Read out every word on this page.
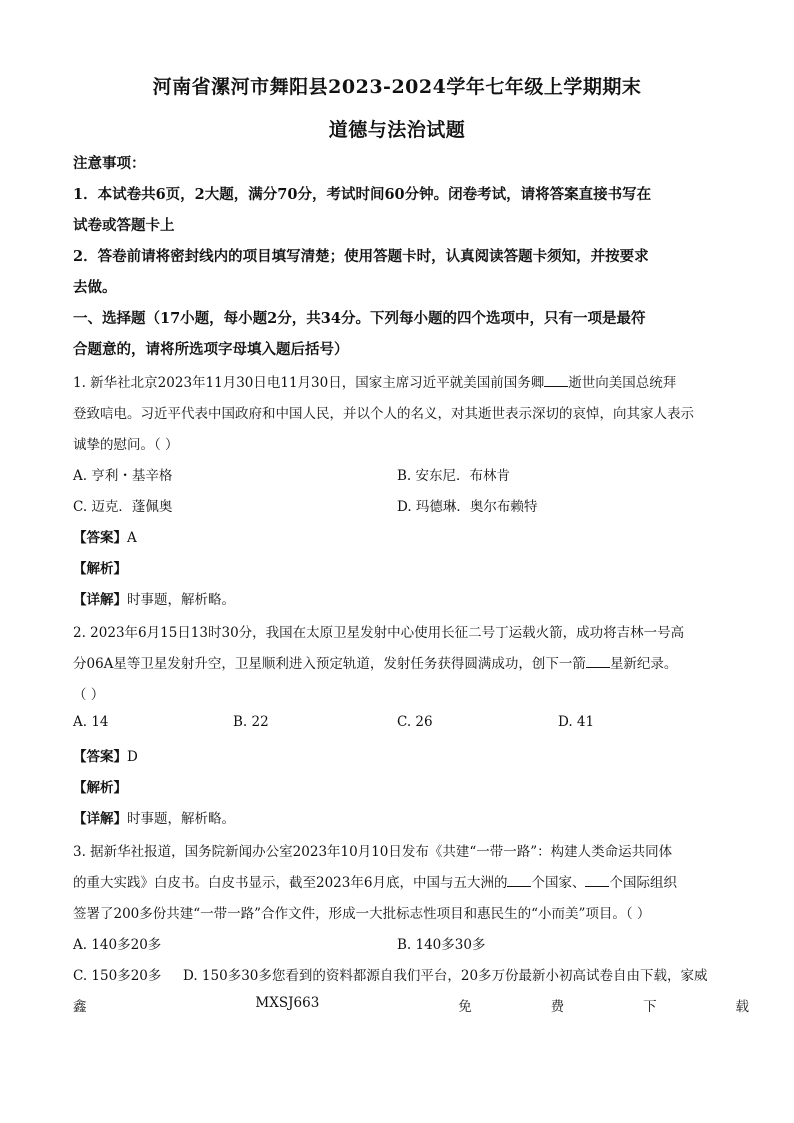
河南省漯河市舞阳县2023-2024学年七年级上学期期末
道德与法治试题
注意事项：
1．本试卷共6页，2大题，满分70分，考试时间60分钟。闭卷考试，请将答案直接书写在
试卷或答题卡上
2．答卷前请将密封线内的项目填写清楚；使用答题卡时，认真阅读答题卡须知，并按要求
去做。
一、选择题（17小题，每小题2分，共34分。下列每小题的四个选项中，只有一项是最符
合题意的，请将所选项字母填入题后括号）
1. 新华社北京2023年11月30日电11月30日，国家主席习近平就美国前国务卿 逝世向美国总统拜
登致唁电。习近平代表中国政府和中国人民，并以个人的名义，对其逝世表示深切的哀悼，向其家人表示
诚挚的慰问。（ ）
A. 亨利・基辛格	B. 安东尼．布林肯
C. 迈克．蓬佩奥	D. 玛德琳．奥尔布赖特
【答案】A
【解析】
【详解】时事题，解析略。
2. 2023年6月15日13时30分，我国在太原卫星发射中心使用长征二号丁运载火箭，成功将吉林一号高
分06A星等卫星发射升空，卫星顺利进入预定轨道，发射任务获得圆满成功，创下一箭 星新纪录。
（ ）
A. 14	B. 22	C. 26	D. 41
【答案】D
【解析】
【详解】时事题，解析略。
3. 据新华社报道，国务院新闻办公室2023年10月10日发布《共建“一带一路”：构建人类命运共同体
的重大实践》白皮书。白皮书显示，截至2023年6月底，中国与五大洲的 个国家、 个国际组织
签署了200多份共建“一带一路”合作文件，形成一大批标志性项目和惠民生的“小而美”项目。（ ）
A. 140多20多	B. 140多30多
C. 150多20多 D. 150多30多您看到的资料都源自我们平台，20多万份最新小初高试卷自由下载，家威
鑫	MXSJ663	免	费	下	载
